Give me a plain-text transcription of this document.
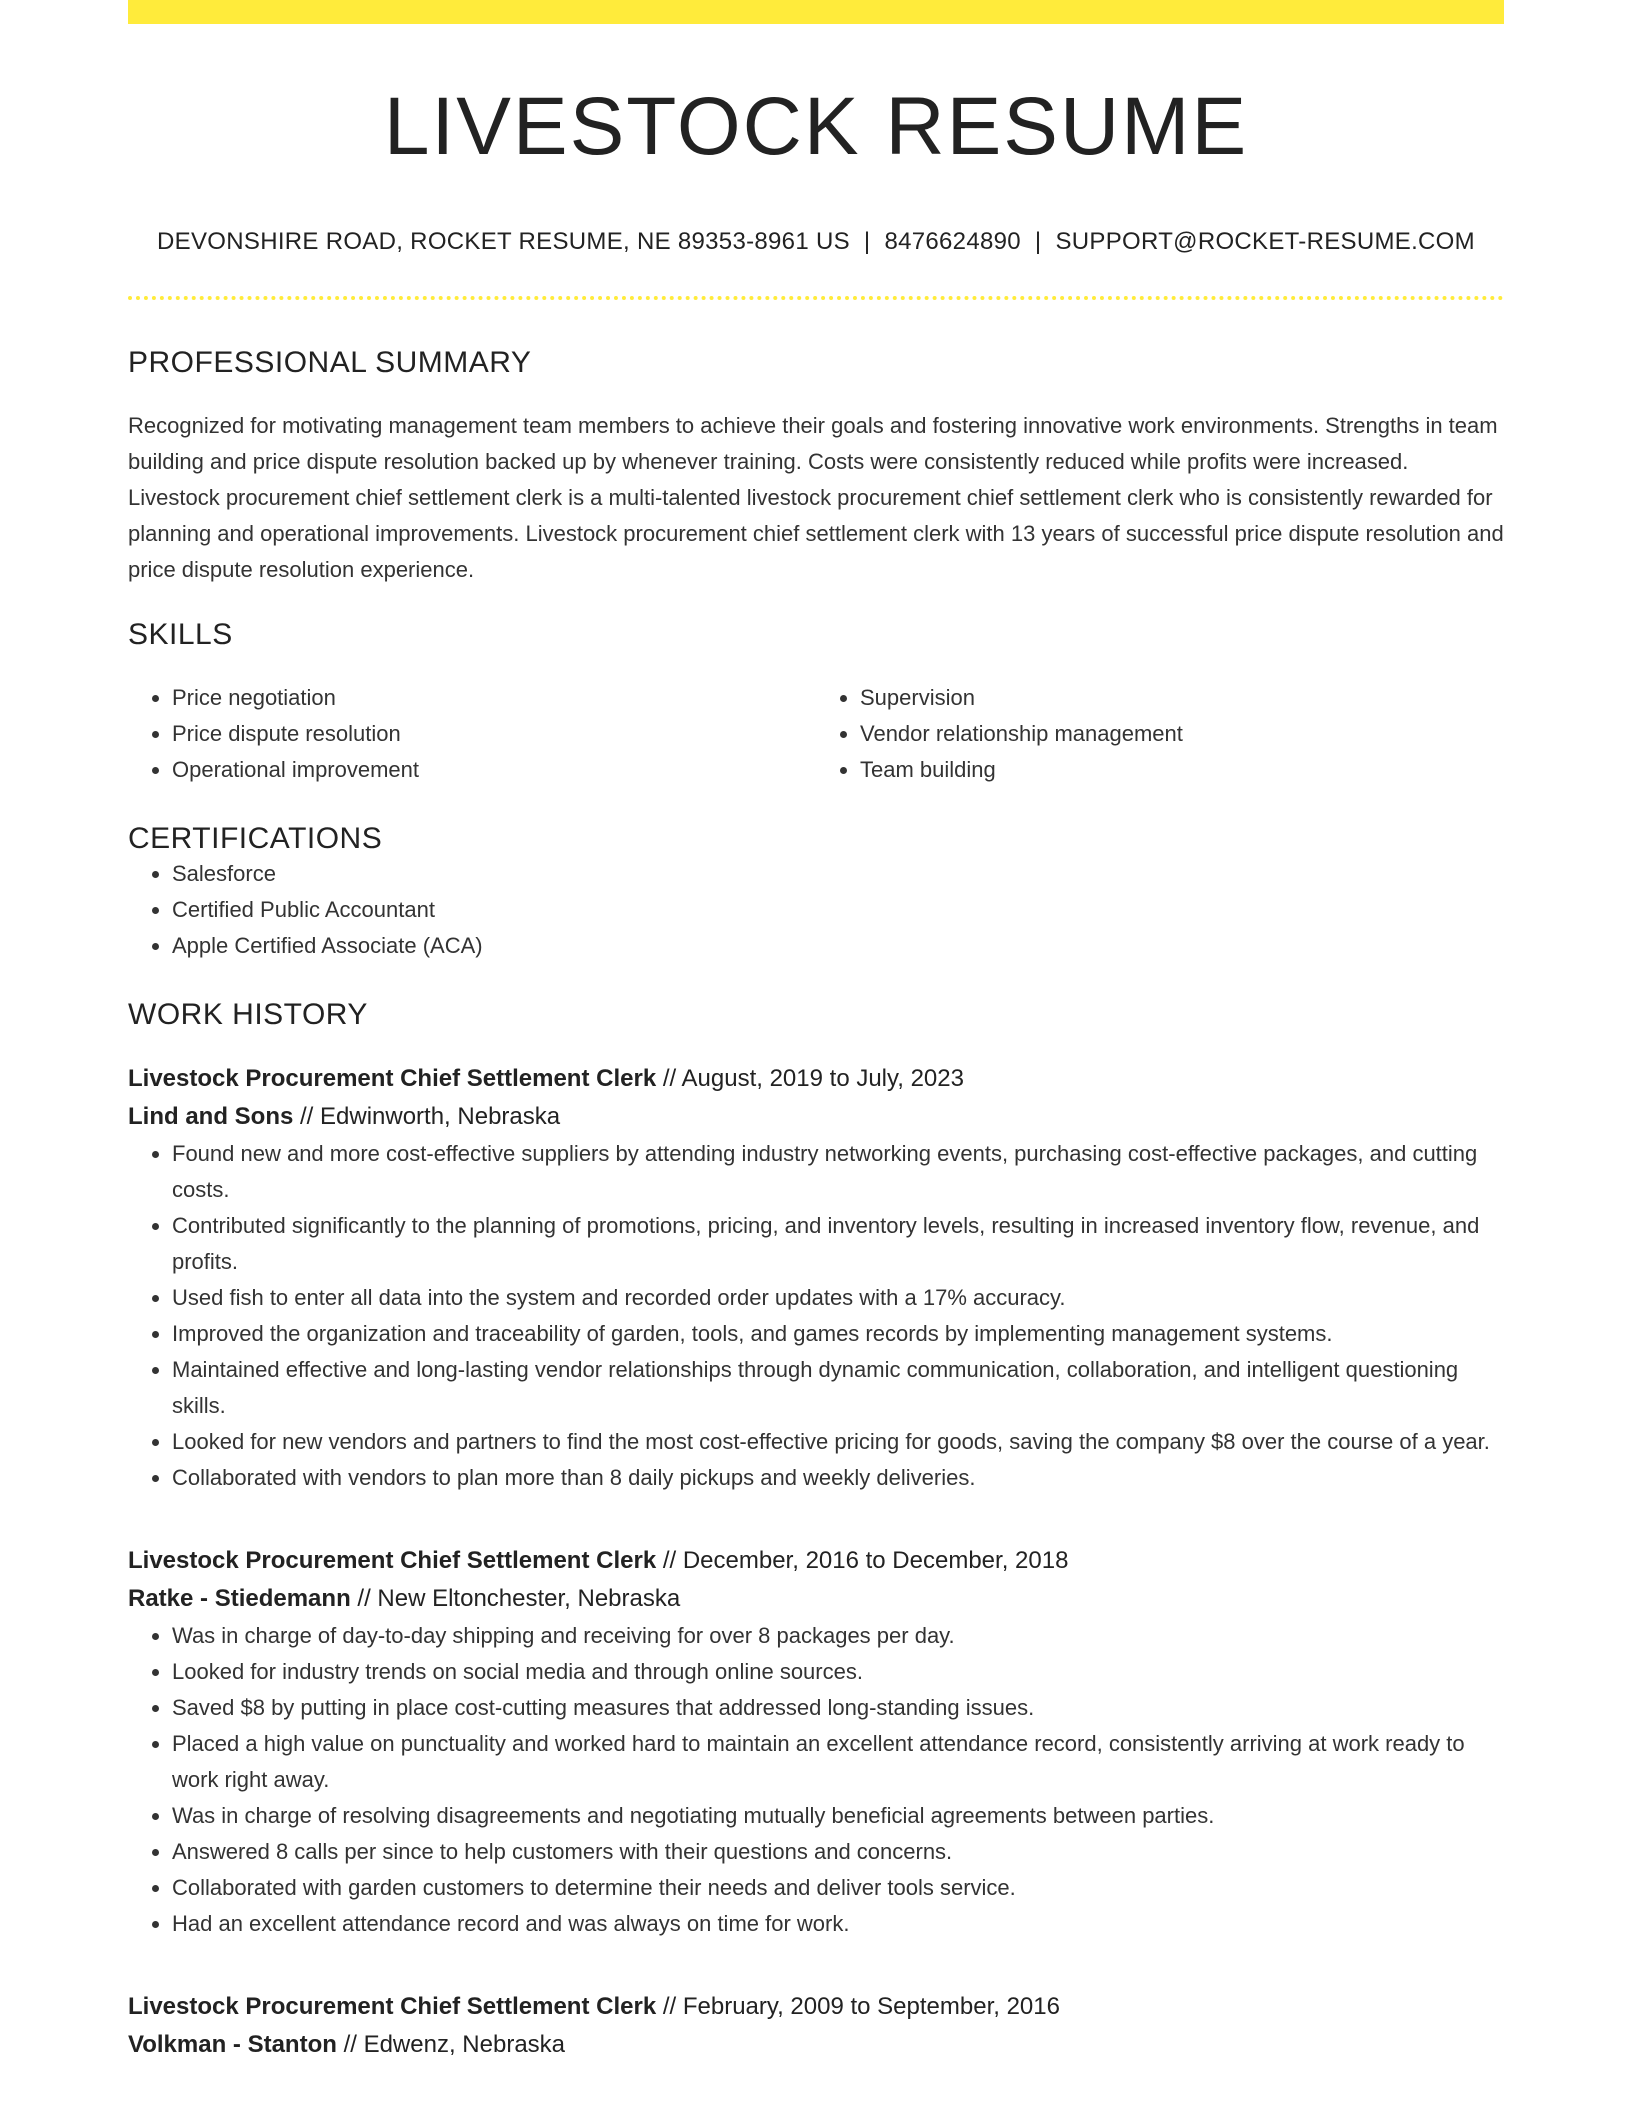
LIVESTOCK RESUME
DEVONSHIRE ROAD, ROCKET RESUME, NE 89353-8961 US | 8476624890 | SUPPORT@ROCKET-RESUME.COM
PROFESSIONAL SUMMARY

Recognized for motivating management team members to achieve their goals and fostering innovative work environments. Strengths in team building and price dispute resolution backed up by whenever training. Costs were consistently reduced while profits were increased. Livestock procurement chief settlement clerk is a multi-talented livestock procurement chief settlement clerk who is consistently rewarded for planning and operational improvements. Livestock procurement chief settlement clerk with 13 years of successful price dispute resolution and price dispute resolution experience.

SKILLS
• Price negotiation
• Price dispute resolution
• Operational improvement
• Supervision
• Vendor relationship management
• Team building
CERTIFICATIONS
• Salesforce
• Certified Public Accountant
• Apple Certified Associate (ACA)
WORK HISTORY
Livestock Procurement Chief Settlement Clerk // August, 2019 to July, 2023
Lind and Sons // Edwinworth, Nebraska
• Found new and more cost-effective suppliers by attending industry networking events, purchasing cost-effective packages, and cutting costs.
• Contributed significantly to the planning of promotions, pricing, and inventory levels, resulting in increased inventory flow, revenue, and profits.
• Used fish to enter all data into the system and recorded order updates with a 17% accuracy.
• Improved the organization and traceability of garden, tools, and games records by implementing management systems.
• Maintained effective and long-lasting vendor relationships through dynamic communication, collaboration, and intelligent questioning skills.
• Looked for new vendors and partners to find the most cost-effective pricing for goods, saving the company $8 over the course of a year.
• Collaborated with vendors to plan more than 8 daily pickups and weekly deliveries.
Livestock Procurement Chief Settlement Clerk // December, 2016 to December, 2018
Ratke - Stiedemann // New Eltonchester, Nebraska
• Was in charge of day-to-day shipping and receiving for over 8 packages per day.
• Looked for industry trends on social media and through online sources.
• Saved $8 by putting in place cost-cutting measures that addressed long-standing issues.
• Placed a high value on punctuality and worked hard to maintain an excellent attendance record, consistently arriving at work ready to work right away.
• Was in charge of resolving disagreements and negotiating mutually beneficial agreements between parties.
• Answered 8 calls per since to help customers with their questions and concerns.
• Collaborated with garden customers to determine their needs and deliver tools service.
• Had an excellent attendance record and was always on time for work.
Livestock Procurement Chief Settlement Clerk // February, 2009 to September, 2016
Volkman - Stanton // Edwenz, Nebraska
